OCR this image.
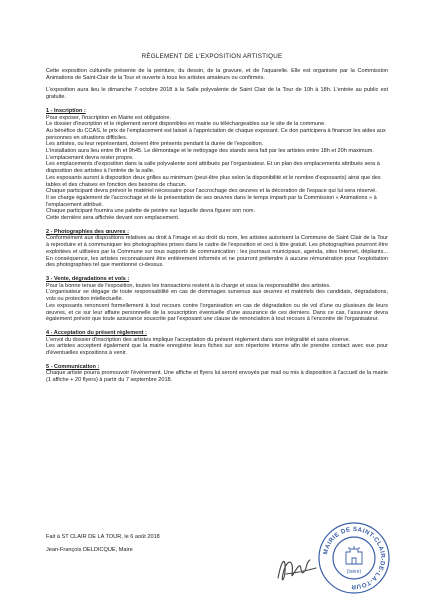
RÈGLEMENT DE L'EXPOSITION ARTISTIQUE

Cette exposition culturelle présente de la peinture, du dessin, de la gravure, et de l'aquarelle. Elle est organisée par la Commission Animations de Saint-Clair de la Tour et ouverte à tous les artistes amateurs ou confirmés.

L'exposition aura lieu le dimanche 7 octobre 2018 à la Salle polyvalente de Saint Clair de la Tour de 10h à 18h. L'entrée au public est gratuite.

1 - Inscription :

Pour exposer, l'inscription en Mairie est obligatoire.

Le dossier d'inscription et le règlement seront disponibles en mairie ou téléchargeables sur le site de la commune.

Au bénéfice du CCAS, le prix de l'emplacement est laissé à l'appréciation de chaque exposant. Ce don participera à financer les aides aux personnes en situations difficiles.

Les artistes, ou leur représentant, doivent être présents pendant la durée de l'exposition.

L'installation aura lieu entre 8h et 9h45. Le démontage et le nettoyage des stands sera fait par les artistes entre 18h et 20h maximum. L'emplacement devra rester propre.

Les emplacements d'exposition dans la salle polyvalente sont attribués par l'organisateur. Et un plan des emplacements attribués sera à disposition des artistes à l'entrée de la salle.

Les exposants auront à disposition deux grilles au minimum (peut-être plus selon la disponibilité et le nombre d'exposants) ainsi que des tables et des chaises en fonction des besoins de chacun.

Chaque participant devra prévoir le matériel nécessaire pour l'accrochage des œuvres et la décoration de l'espace qui lui sera réservé.

Il se charge également de l'accrochage et de la présentation de ses œuvres dans le temps imparti par la Commission « Animations » à l'emplacement attribué.

Chaque participant fournira une palette de peintre sur laquelle devra figurer son nom.

Cette dernière sera affichée devant son emplacement.

2 - Photographies des œuvres :

Conformément aux dispositions relatives au droit à l'image et au droit du nom, les artistes autorisent la Commune de Saint Clair de la Tour à reproduire et à communiquer les photographies prises dans le cadre de l'exposition et ceci à titre gratuit. Les photographies pourront être exploitées et utilisées par la Commune sur tous supports de communication : les journaux municipaux, agenda, sites Internet, dépliants... En conséquence, les artistes reconnaissent être entièrement informés et ne pourront prétendre à aucune rémunération pour l'exploitation des photographies tel que mentionné ci-dessus.

3 - Vente, dégradations et vols :

Pour la bonne tenue de l'exposition, toutes les transactions restent à la charge et sous la responsabilité des artistes.

L'organisateur se dégage de toute responsabilité en cas de dommages survenus aux œuvres et matériels des candidats, dégradations, vols ou protection intellectuelle.

Les exposants renoncent formellement à tout recours contre l'organisation en cas de dégradation ou de vol d'une ou plusieurs de leurs œuvres, et ce sur leur affaire personnelle de la souscription éventuelle d'une assurance de ces derniers. Dans ce cas, l'assureur devra également prévoir que toute assurance souscrite par l'exposant une clause de renonciation à tout recours à l'encontre de l'organisateur.

4 - Acceptation du présent règlement :

L'envoi du dossier d'inscription des artistes implique l'acceptation du présent règlement dans son intégralité et sans réserve.

Les artistes acceptent également que la mairie enregistre leurs fiches sur son répertoire interne afin de prendre contact avec eux pour d'éventuelles expositions à venir.

5 - Communication :

Chaque artiste pourra promouvoir l'événement. Une affiche et flyers lui seront envoyés par mail ou mis à disposition à l'accueil de la mairie (1 affiche + 20 flyers) à partir du 7 septembre 2018.

Fait à ST CLAIR DE LA TOUR, le 6 août 2018

Jean-François DELDICQUE, Maire	MAIRIE DE SAINT-CLAIR-DE-LA-TOUR
(Isère)
